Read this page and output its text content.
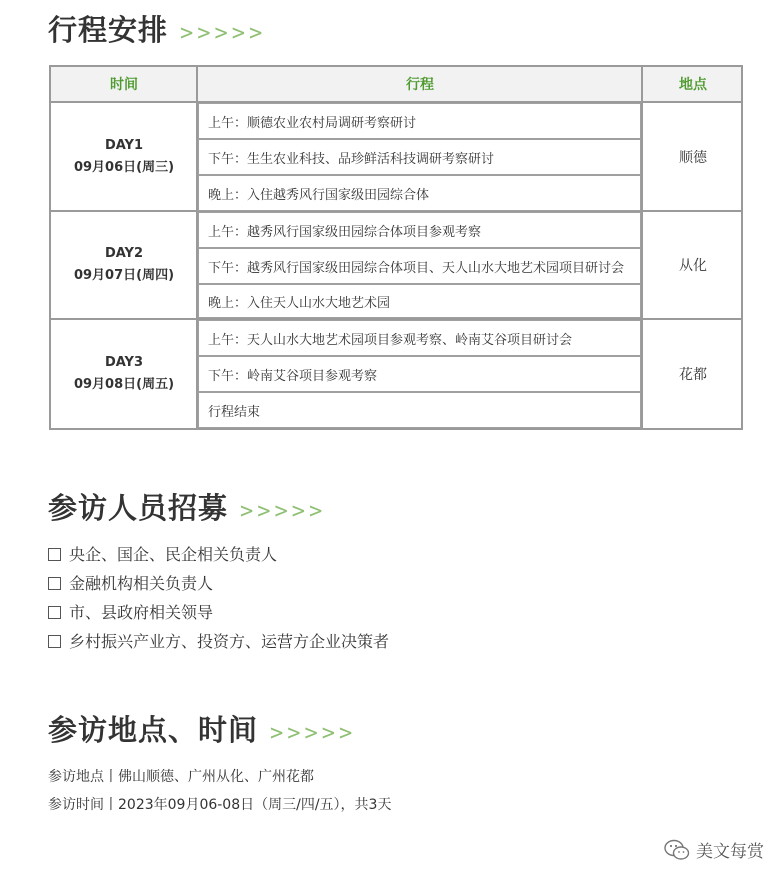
行程安排 >>>>>
时间	行程	地点
DAY1
09月06日(周三)
顺德
上午：顺德农业农村局调研考察研讨
下午：生生农业科技、品珍鲜活科技调研考察研讨
晚上：入住越秀风行国家级田园综合体
DAY2
09月07日(周四)
从化
上午：越秀风行国家级田园综合体项目参观考察
下午：越秀风行国家级田园综合体项目、天人山水大地艺术园项目研讨会
晚上：入住天人山水大地艺术园
DAY3
09月08日(周五)
花都
上午：天人山水大地艺术园项目参观考察、岭南艾谷项目研讨会
下午：岭南艾谷项目参观考察
行程结束
参访人员招募 >>>>>
央企、国企、民企相关负责人
金融机构相关负责人
市、县政府相关领导
乡村振兴产业方、投资方、运营方企业决策者
参访地点、时间 >>>>>
参访地点丨佛山顺德、广州从化、广州花都
参访时间丨2023年09月06-08日（周三/四/五），共3天
美文每赏
